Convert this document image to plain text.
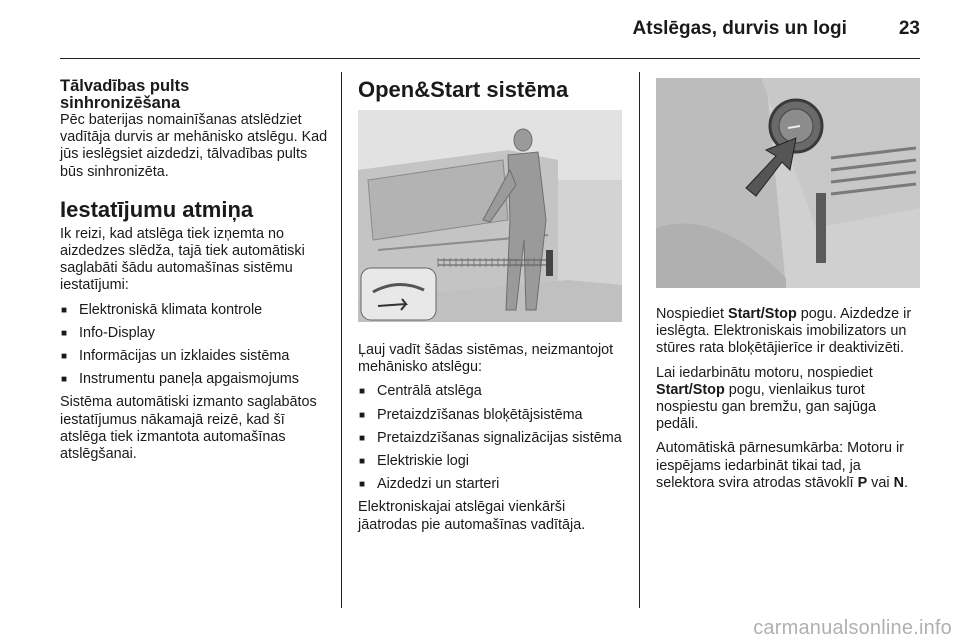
Atslēgas, durvis un logi	23
Tālvadības pults
sinhronizēšana

Pēc baterijas nomainīšanas atslēdziet vadītāja durvis ar mehānisko atslēgu. Kad jūs ieslēgsiet aizdedzi, tālvadības pults būs sinhronizēta.

Iestatījumu atmiņa

Ik reizi, kad atslēga tiek izņemta no aizdedzes slēdža, tajā tiek automātiski saglabāti šādu automašīnas sistēmu iestatījumi:

■ Elektroniskā klimata kontrole
■ Info-Display
■ Informācijas un izklaides sistēma
■ Instrumentu paneļa apgaismojums

Sistēma automātiski izmanto saglabātos iestatījumus nākamajā reizē, kad šī atslēga tiek izmantota automašīnas atslēgšanai.

Open&Start sistēma

Ļauj vadīt šādas sistēmas, neizmantojot mehānisko atslēgu:

■ Centrālā atslēga
■ Pretaizdzīšanas bloķētājsistēma
■ Pretaizdzīšanas signalizācijas sistēma
■ Elektriskie logi
■ Aizdedzi un starteri

Elektroniskajai atslēgai vienkārši jāatrodas pie automašīnas vadītāja.

Nospiediet Start/Stop pogu. Aizdedze ir ieslēgta. Elektroniskais imobilizators un stūres rata bloķētājierīce ir deaktivizēti.

Lai iedarbinātu motoru, nospiediet Start/Stop pogu, vienlaikus turot nospiestu gan bremžu, gan sajūga pedāli.

Automātiskā pārnesumkārba: Motoru ir iespējams iedarbināt tikai tad, ja selektora svira atrodas stāvoklī P vai N.

carmanualsonline.info
